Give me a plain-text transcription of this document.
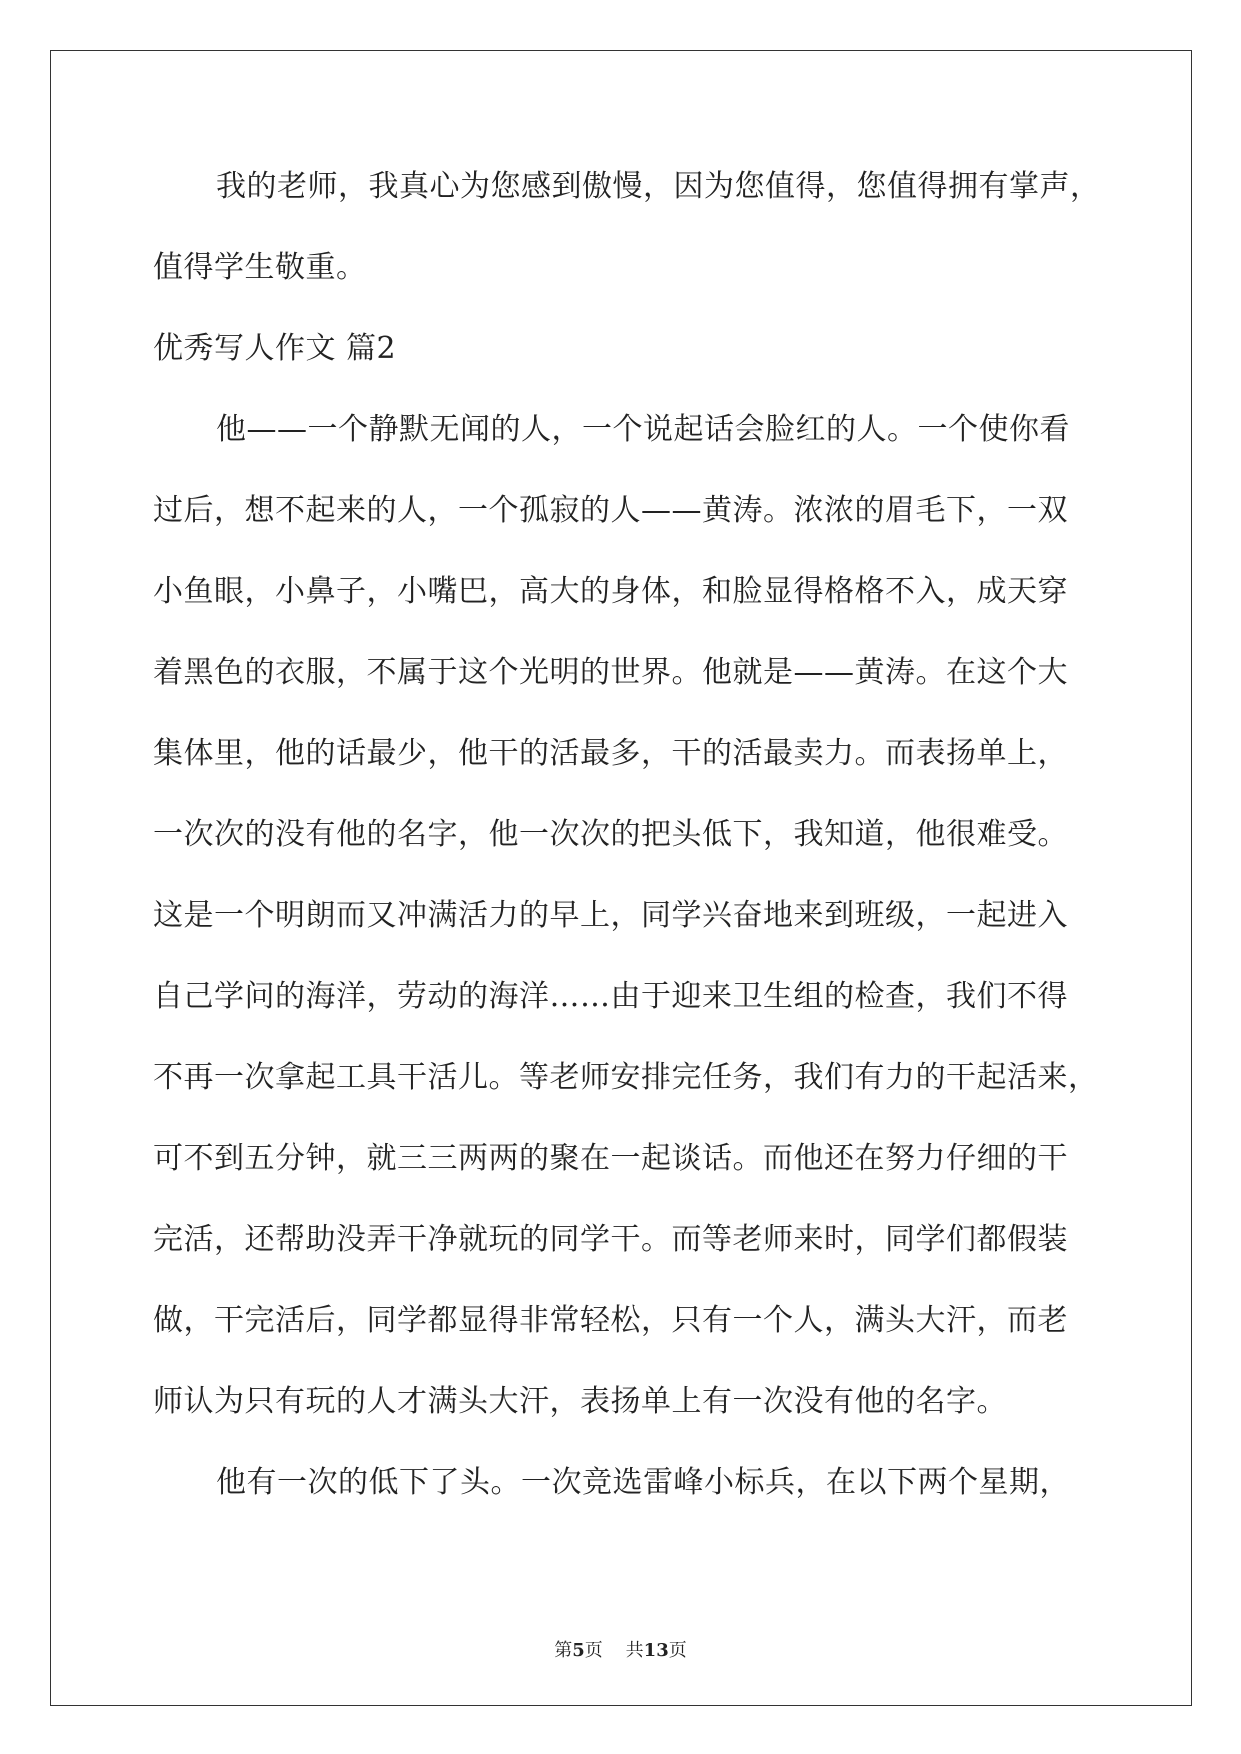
我的老师，我真心为您感到傲慢，因为您值得，您值得拥有掌声，
值得学生敬重。
优秀写人作文 篇2
他——一个静默无闻的人，一个说起话会脸红的人。一个使你看
过后，想不起来的人，一个孤寂的人——黄涛。浓浓的眉毛下，一双
小鱼眼，小鼻子，小嘴巴，高大的身体，和脸显得格格不入，成天穿
着黑色的衣服，不属于这个光明的世界。他就是——黄涛。在这个大
集体里，他的话最少，他干的活最多，干的活最卖力。而表扬单上，
一次次的没有他的名字，他一次次的把头低下，我知道，他很难受。
这是一个明朗而又冲满活力的早上，同学兴奋地来到班级，一起进入
自己学问的海洋，劳动的海洋……由于迎来卫生组的检查，我们不得
不再一次拿起工具干活儿。等老师安排完任务，我们有力的干起活来，
可不到五分钟，就三三两两的聚在一起谈话。而他还在努力仔细的干
完活，还帮助没弄干净就玩的同学干。而等老师来时，同学们都假装
做，干完活后，同学都显得非常轻松，只有一个人，满头大汗，而老
师认为只有玩的人才满头大汗，表扬单上有一次没有他的名字。
他有一次的低下了头。一次竞选雷峰小标兵，在以下两个星期，
第5页 共13页
